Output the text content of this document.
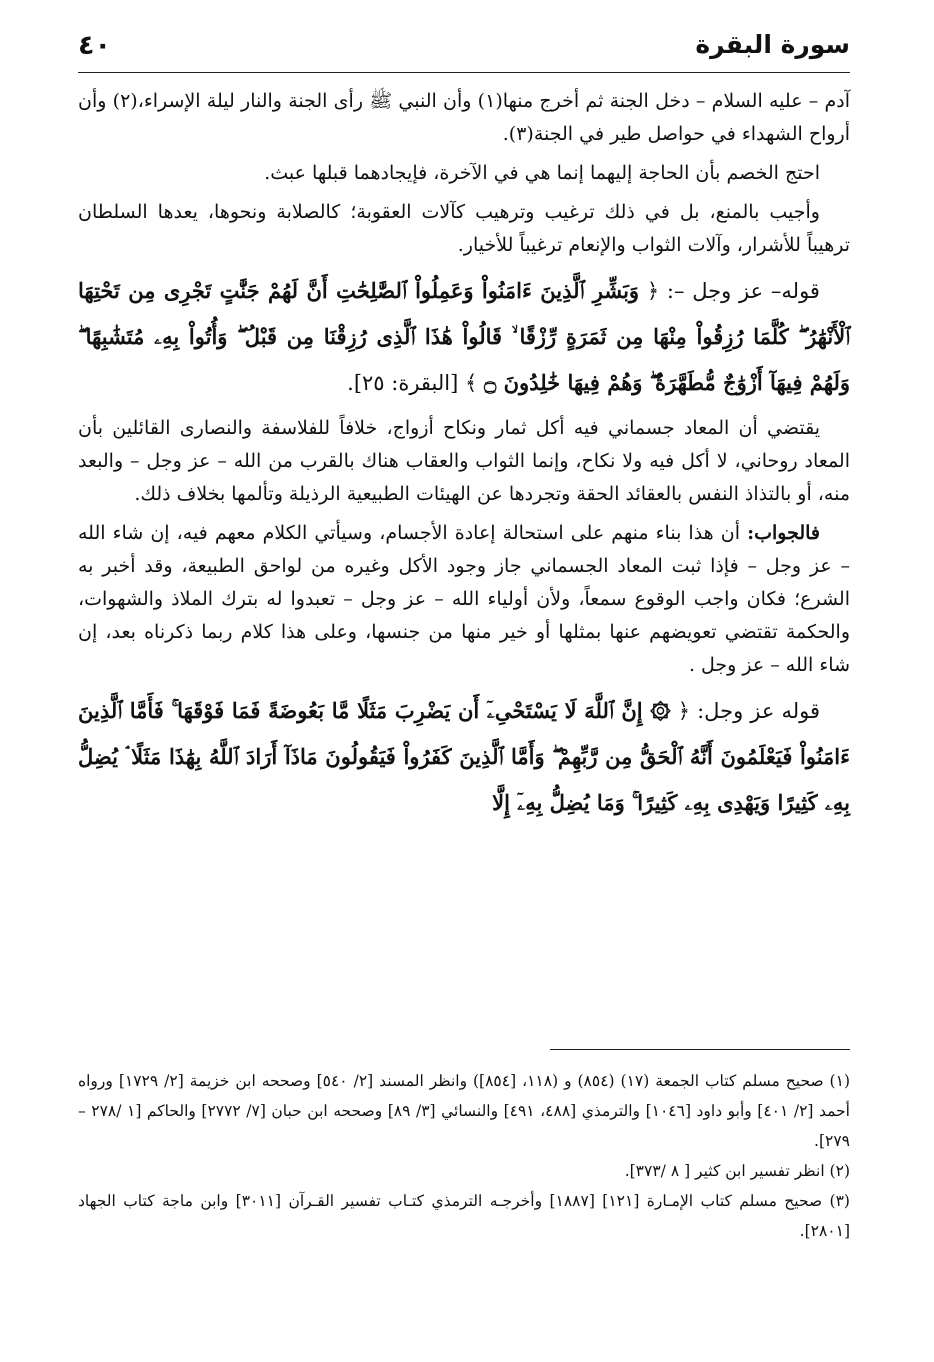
سورة البقرة
٤٠

آدم – عليه السلام – دخل الجنة ثم أخرج منها(١) وأن النبي ﷺ رأى الجنة والنار ليلة الإسراء،(٢) وأن أرواح الشهداء في حواصل طير في الجنة(٣).

احتج الخصم بأن الحاجة إليهما إنما هي في الآخرة، فإيجادهما قبلها عبث.

وأجيب بالمنع، بل في ذلك ترغيب وترهيب كآلات العقوبة؛ كالصلابة ونحوها، يعدها السلطان ترهيباً للأشرار، وآلات الثواب والإنعام ترغيباً للأخيار.

قوله– عز وجل –: ﴿ وَبَشِّرِ ٱلَّذِينَ ءَامَنُواْ وَعَمِلُواْ ٱلصَّٰلِحَٰتِ أَنَّ لَهُمْ جَنَّٰتٍ تَجْرِى مِن تَحْتِهَا ٱلْأَنْهَٰرُ ۖ كُلَّمَا رُزِقُواْ مِنْهَا مِن ثَمَرَةٍ رِّزْقًا ۙ قَالُواْ هَٰذَا ٱلَّذِى رُزِقْنَا مِن قَبْلُ ۖ وَأُتُواْ بِهِۦ مُتَشَٰبِهًا ۖ وَلَهُمْ فِيهَآ أَزْوَٰجٌ مُّطَهَّرَةٌ ۖ وَهُمْ فِيهَا خَٰلِدُونَ ۝ ﴾ [البقرة: ٢٥].

يقتضي أن المعاد جسماني فيه أكل ثمار ونكاح أزواج، خلافاً للفلاسفة والنصارى القائلين بأن المعاد روحاني، لا أكل فيه ولا نكاح، وإنما الثواب والعقاب هناك بالقرب من الله – عز وجل – والبعد منه، أو بالتذاذ النفس بالعقائد الحقة وتجردها عن الهيئات الطبيعية الرذيلة وتألمها بخلاف ذلك.

فالجواب: أن هذا بناء منهم على استحالة إعادة الأجسام، وسيأتي الكلام معهم فيه، إن شاء الله – عز وجل – فإذا ثبت المعاد الجسماني جاز وجود الأكل وغيره من لواحق الطبيعة، وقد أخبر به الشرع؛ فكان واجب الوقوع سمعاً، ولأن أولياء الله – عز وجل – تعبدوا له بترك الملاذ والشهوات، والحكمة تقتضي تعويضهم عنها بمثلها أو خير منها من جنسها، وعلى هذا كلام ربما ذكرناه بعد، إن شاء الله – عز وجل .

قوله عز وجل: ﴿ ۞ إِنَّ ٱللَّهَ لَا يَسْتَحْىِۦٓ أَن يَضْرِبَ مَثَلًا مَّا بَعُوضَةً فَمَا فَوْقَهَا ۚ فَأَمَّا ٱلَّذِينَ ءَامَنُواْ فَيَعْلَمُونَ أَنَّهُ ٱلْحَقُّ مِن رَّبِّهِمْ ۖ وَأَمَّا ٱلَّذِينَ كَفَرُواْ فَيَقُولُونَ مَاذَآ أَرَادَ ٱللَّهُ بِهَٰذَا مَثَلًا ۘ يُضِلُّ بِهِۦ كَثِيرًا وَيَهْدِى بِهِۦ كَثِيرًا ۚ وَمَا يُضِلُّ بِهِۦٓ إِلَّا

(١) صحيح مسلم كتاب الجمعة (١٧) (٨٥٤) و (١١٨، [٨٥٤]) وانظر المسند [٢/ ٥٤٠] وصححه ابن خزيمة [٢/ ١٧٢٩] ورواه أحمد [٢/ ٤٠١] وأبو داود [١٠٤٦] والترمذي [٤٨٨، ٤٩١] والنسائي [٣/ ٨٩] وصححه ابن حبان [٧/ ٢٧٧٢] والحاكم [١ /٢٧٨ – ٢٧٩].

(٢) انظر تفسير ابن كثير [ ٨ /٣٧٣].

(٣) صحيح مسلم كتاب الإمـارة [١٢١] [١٨٨٧] وأخرجـه الترمذي كتـاب تفسير القـرآن [٣٠١١] وابن ماجة كتاب الجهاد [٢٨٠١].
